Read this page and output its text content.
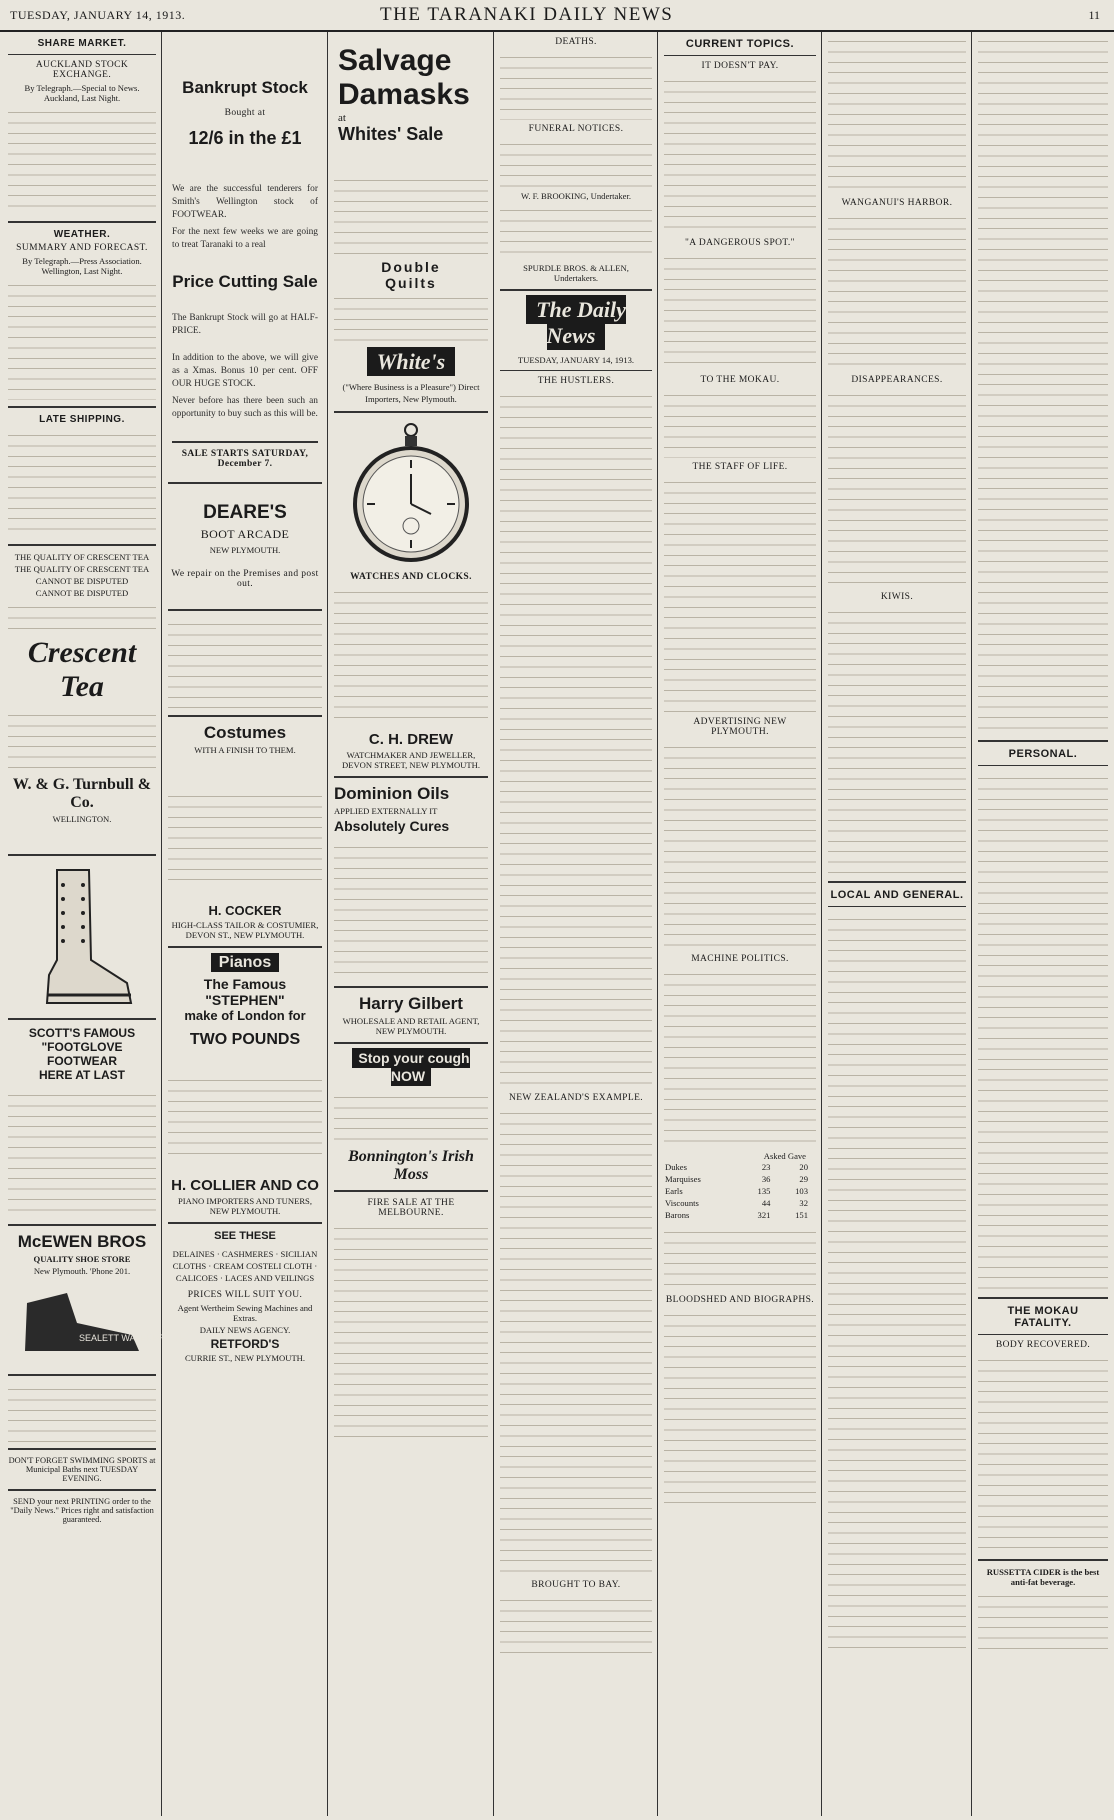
TUESDAY, JANUARY 14, 1913.	THE TARANAKI DAILY NEWS	11
SHARE MARKET.
AUCKLAND STOCK EXCHANGE.
By Telegraph.—Special to News. Auckland, Last Night.
WEATHER.
SUMMARY AND FORECAST.
By Telegraph.—Press Association. Wellington, Last Night.
LATE SHIPPING.
THE QUALITY OF CRESCENT TEA
THE QUALITY OF CRESCENT TEA
CANNOT BE DISPUTED
CANNOT BE DISPUTED
Crescent Tea
W. & G. Turnbull & Co.
WELLINGTON.
SCOTT'S FAMOUS
"FOOTGLOVE FOOTWEAR
HERE AT LAST
McEWEN BROS
QUALITY SHOE STORE
New Plymouth. 'Phone 201.
SEALETT WATERPROOF
DON'T FORGET SWIMMING SPORTS at Municipal Baths next TUESDAY EVENING.
SEND your next PRINTING order to the "Daily News." Prices right and satisfaction guaranteed.
Bankrupt Stock
Bought at
12/6 in the £1

We are the successful tenderers for Smith's Wellington stock of FOOTWEAR.

For the next few weeks we are going to treat Taranaki to a real

Price Cutting Sale

The Bankrupt Stock will go at HALF-PRICE.

In addition to the above, we will give as a Xmas. Bonus 10 per cent. OFF OUR HUGE STOCK.

Never before has there been such an opportunity to buy such as this will be.

SALE STARTS SATURDAY, December 7.
DEARE'S
BOOT ARCADE
NEW PLYMOUTH.
We repair on the Premises and post out.
Costumes
WITH A FINISH TO THEM.
H. COCKER
HIGH-CLASS TAILOR & COSTUMIER, DEVON ST., NEW PLYMOUTH.
Pianos
The Famous
"STEPHEN"
make of London for
TWO POUNDS
H. COLLIER AND CO
PIANO IMPORTERS AND TUNERS, NEW PLYMOUTH.
SEE THESE
DELAINES · CASHMERES · SICILIAN CLOTHS · CREAM COSTELI CLOTH · CALICOES · LACES AND VEILINGS
PRICES WILL SUIT YOU.
Agent Wertheim Sewing Machines and Extras.
DAILY NEWS AGENCY.
RETFORD'S
CURRIE ST., NEW PLYMOUTH.
Salvage
Damasks
at
Whites' Sale
Double
Quilts
White's
("Where Business is a Pleasure") Direct Importers, New Plymouth.
WATCHES AND CLOCKS.
C. H. DREW
WATCHMAKER AND JEWELLER, DEVON STREET, NEW PLYMOUTH.
Dominion Oils
APPLIED EXTERNALLY IT
Absolutely Cures
Harry Gilbert
WHOLESALE AND RETAIL AGENT, NEW PLYMOUTH.
Stop your cough NOW
Bonnington's Irish Moss
FIRE SALE AT THE MELBOURNE.
DEATHS.
FUNERAL NOTICES.
W. F. BROOKING, Undertaker.
SPURDLE BROS. & ALLEN, Undertakers.
The Daily News
TUESDAY, JANUARY 14, 1913.
THE HUSTLERS.
NEW ZEALAND'S EXAMPLE.
BROUGHT TO BAY.
CURRENT TOPICS.
IT DOESN'T PAY.
"A DANGEROUS SPOT."
TO THE MOKAU.
THE STAFF OF LIFE.
ADVERTISING NEW PLYMOUTH.
MACHINE POLITICS.
Asked Gave
Dukes	23	20
Marquises	36	29
Earls	135	103
Viscounts	44	32
Barons	321	151
BLOODSHED AND BIOGRAPHS.
WANGANUI'S HARBOR.
DISAPPEARANCES.
KIWIS.
LOCAL AND GENERAL.
PERSONAL.
THE MOKAU FATALITY.
BODY RECOVERED.
RUSSETTA CIDER is the best anti-fat beverage.
